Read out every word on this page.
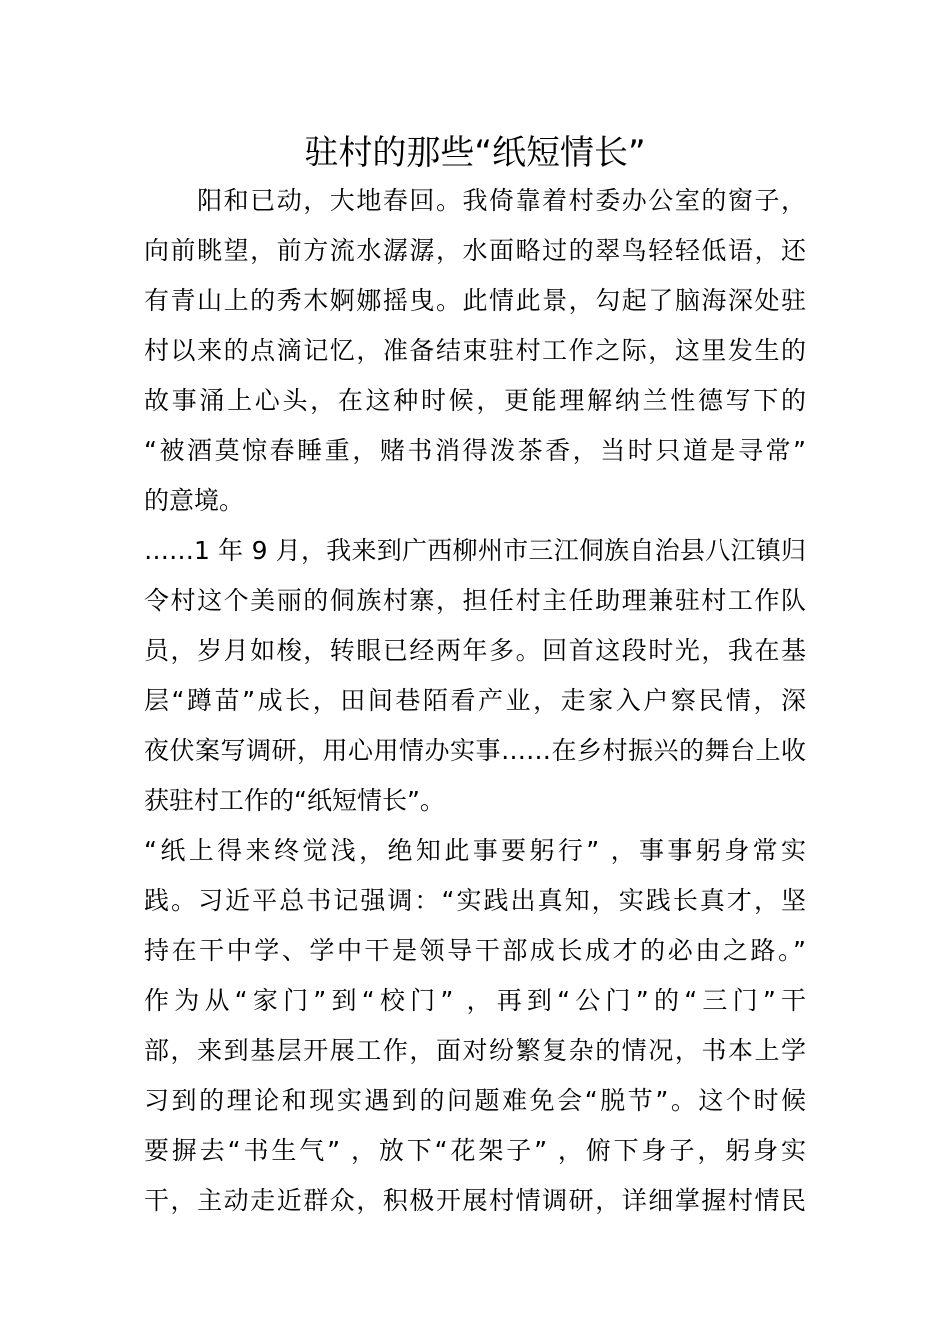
驻村的那些“纸短情长”
　　阳和已动，大地春回。我倚靠着村委办公室的窗子，
向前眺望，前方流水潺潺，水面略过的翠鸟轻轻低语，还
有青山上的秀木婀娜摇曳。此情此景，勾起了脑海深处驻
村以来的点滴记忆，准备结束驻村工作之际，这里发生的
故事涌上心头，在这种时候，更能理解纳兰性德写下的
“被酒莫惊春睡重，赌书消得泼茶香，当时只道是寻常”
的意境。
……1 年 9 月，我来到广西柳州市三江侗族自治县八江镇归
令村这个美丽的侗族村寨，担任村主任助理兼驻村工作队
员，岁月如梭，转眼已经两年多。回首这段时光，我在基
层“蹲苗”成长，田间巷陌看产业，走家入户察民情，深
夜伏案写调研，用心用情办实事……在乡村振兴的舞台上收
获驻村工作的“纸短情长”。
“纸上得来终觉浅，绝知此事要躬行” ，事事躬身常实
践。习近平总书记强调：“实践出真知，实践长真才，坚
持在干中学、学中干是领导干部成长成才的必由之路。”
作为从“家门”到“校门” ，再到“公门”的“三门”干
部，来到基层开展工作，面对纷繁复杂的情况，书本上学
习到的理论和现实遇到的问题难免会“脱节”。这个时候
要摒去“书生气” ，放下“花架子” ，俯下身子，躬身实
干，主动走近群众，积极开展村情调研，详细掌握村情民
